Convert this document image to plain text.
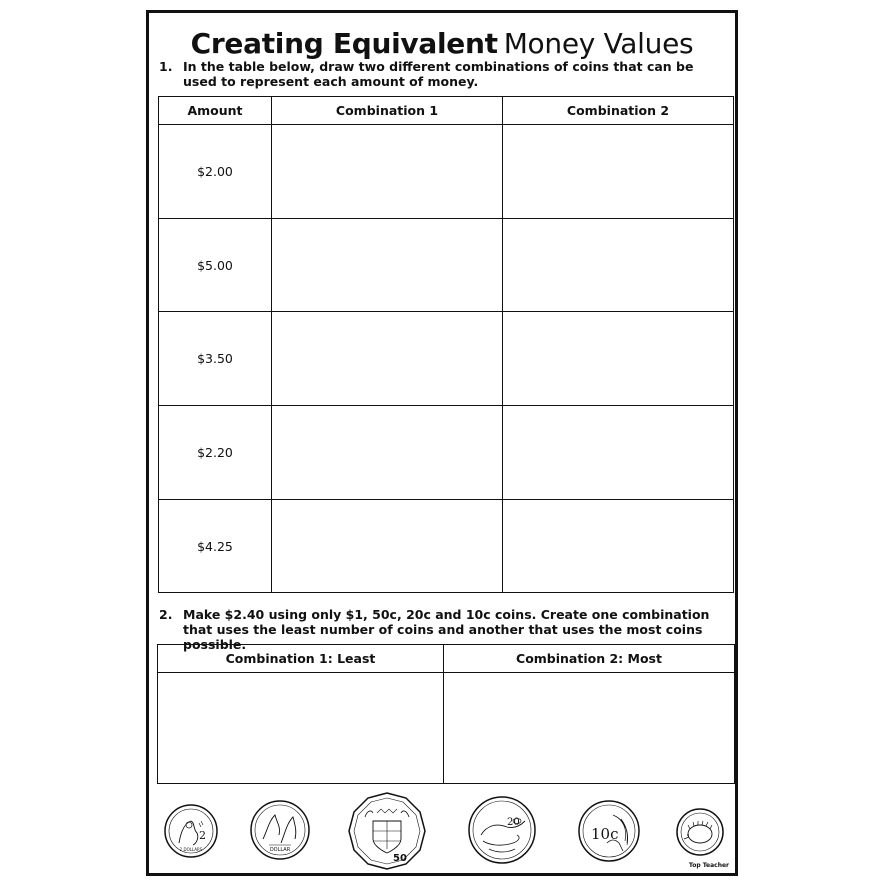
Creating Equivalent Money Values
1. In the table below, draw two different combinations of coins that can be used to represent each amount of money.
Amount	Combination 1	Combination 2
$2.00		
$5.00		
$3.50		
$2.20		
$4.25		
2. Make $2.40 using only $1, 50c, 20c and 10c coins. Create one combination that uses the least number of coins and another that uses the most coins possible.
Combination 1: Least	Combination 2: Most

2
2 DOLLARS	DOLLAR
50
20
10c
Top Teacher
